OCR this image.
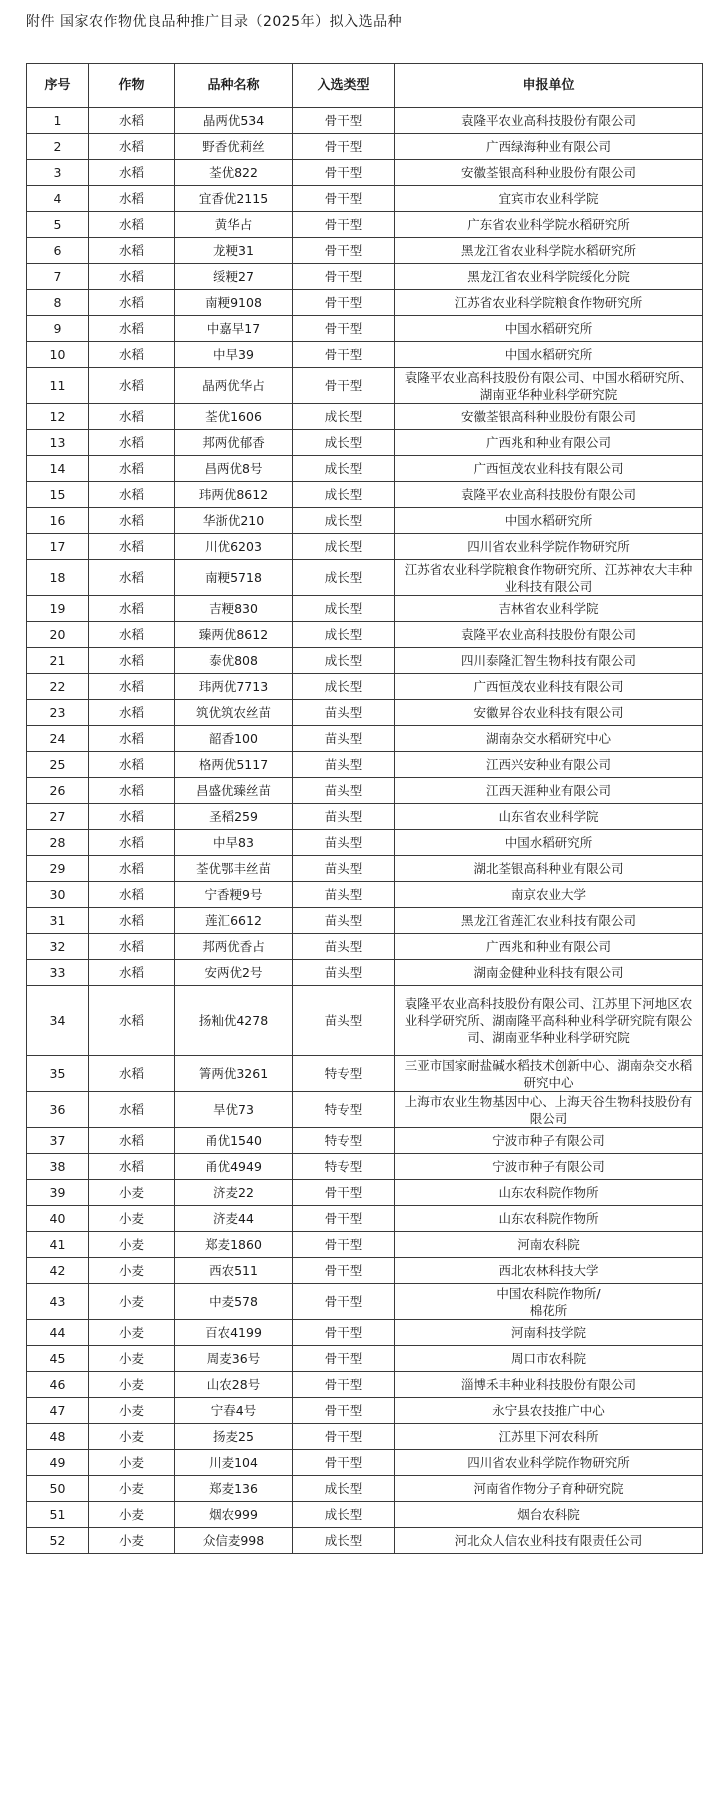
附件 国家农作物优良品种推广目录（2025年）拟入选品种
序号	作物	品种名称	入选类型	申报单位
1	水稻	晶两优534	骨干型	袁隆平农业高科技股份有限公司
2	水稻	野香优莉丝	骨干型	广西绿海种业有限公司
3	水稻	荃优822	骨干型	安徽荃银高科种业股份有限公司
4	水稻	宜香优2115	骨干型	宜宾市农业科学院
5	水稻	黄华占	骨干型	广东省农业科学院水稻研究所
6	水稻	龙粳31	骨干型	黑龙江省农业科学院水稻研究所
7	水稻	绥粳27	骨干型	黑龙江省农业科学院绥化分院
8	水稻	南粳9108	骨干型	江苏省农业科学院粮食作物研究所
9	水稻	中嘉早17	骨干型	中国水稻研究所
10	水稻	中早39	骨干型	中国水稻研究所
11	水稻	晶两优华占	骨干型	袁隆平农业高科技股份有限公司、中国水稻研究所、湖南亚华种业科学研究院
12	水稻	荃优1606	成长型	安徽荃银高科种业股份有限公司
13	水稻	邦两优郁香	成长型	广西兆和种业有限公司
14	水稻	昌两优8号	成长型	广西恒茂农业科技有限公司
15	水稻	玮两优8612	成长型	袁隆平农业高科技股份有限公司
16	水稻	华浙优210	成长型	中国水稻研究所
17	水稻	川优6203	成长型	四川省农业科学院作物研究所
18	水稻	南粳5718	成长型	江苏省农业科学院粮食作物研究所、江苏神农大丰种业科技有限公司
19	水稻	吉粳830	成长型	吉林省农业科学院
20	水稻	臻两优8612	成长型	袁隆平农业高科技股份有限公司
21	水稻	泰优808	成长型	四川泰隆汇智生物科技有限公司
22	水稻	玮两优7713	成长型	广西恒茂农业科技有限公司
23	水稻	筑优筑农丝苗	苗头型	安徽昇谷农业科技有限公司
24	水稻	韶香100	苗头型	湖南杂交水稻研究中心
25	水稻	格两优5117	苗头型	江西兴安种业有限公司
26	水稻	昌盛优臻丝苗	苗头型	江西天涯种业有限公司
27	水稻	圣稻259	苗头型	山东省农业科学院
28	水稻	中早83	苗头型	中国水稻研究所
29	水稻	荃优鄂丰丝苗	苗头型	湖北荃银高科种业有限公司
30	水稻	宁香粳9号	苗头型	南京农业大学
31	水稻	莲汇6612	苗头型	黑龙江省莲汇农业科技有限公司
32	水稻	邦两优香占	苗头型	广西兆和种业有限公司
33	水稻	安两优2号	苗头型	湖南金健种业科技有限公司
34	水稻	扬籼优4278	苗头型	袁隆平农业高科技股份有限公司、江苏里下河地区农业科学研究所、湖南隆平高科种业科学研究院有限公司、湖南亚华种业科学研究院
35	水稻	箐两优3261	特专型	三亚市国家耐盐碱水稻技术创新中心、湖南杂交水稻研究中心
36	水稻	旱优73	特专型	上海市农业生物基因中心、上海天谷生物科技股份有限公司
37	水稻	甬优1540	特专型	宁波市种子有限公司
38	水稻	甬优4949	特专型	宁波市种子有限公司
39	小麦	济麦22	骨干型	山东农科院作物所
40	小麦	济麦44	骨干型	山东农科院作物所
41	小麦	郑麦1860	骨干型	河南农科院
42	小麦	西农511	骨干型	西北农林科技大学
43	小麦	中麦578	骨干型	中国农科院作物所/
棉花所
44	小麦	百农4199	骨干型	河南科技学院
45	小麦	周麦36号	骨干型	周口市农科院
46	小麦	山农28号	骨干型	淄博禾丰种业科技股份有限公司
47	小麦	宁春4号	骨干型	永宁县农技推广中心
48	小麦	扬麦25	骨干型	江苏里下河农科所
49	小麦	川麦104	骨干型	四川省农业科学院作物研究所
50	小麦	郑麦136	成长型	河南省作物分子育种研究院
51	小麦	烟农999	成长型	烟台农科院
52	小麦	众信麦998	成长型	河北众人信农业科技有限责任公司
